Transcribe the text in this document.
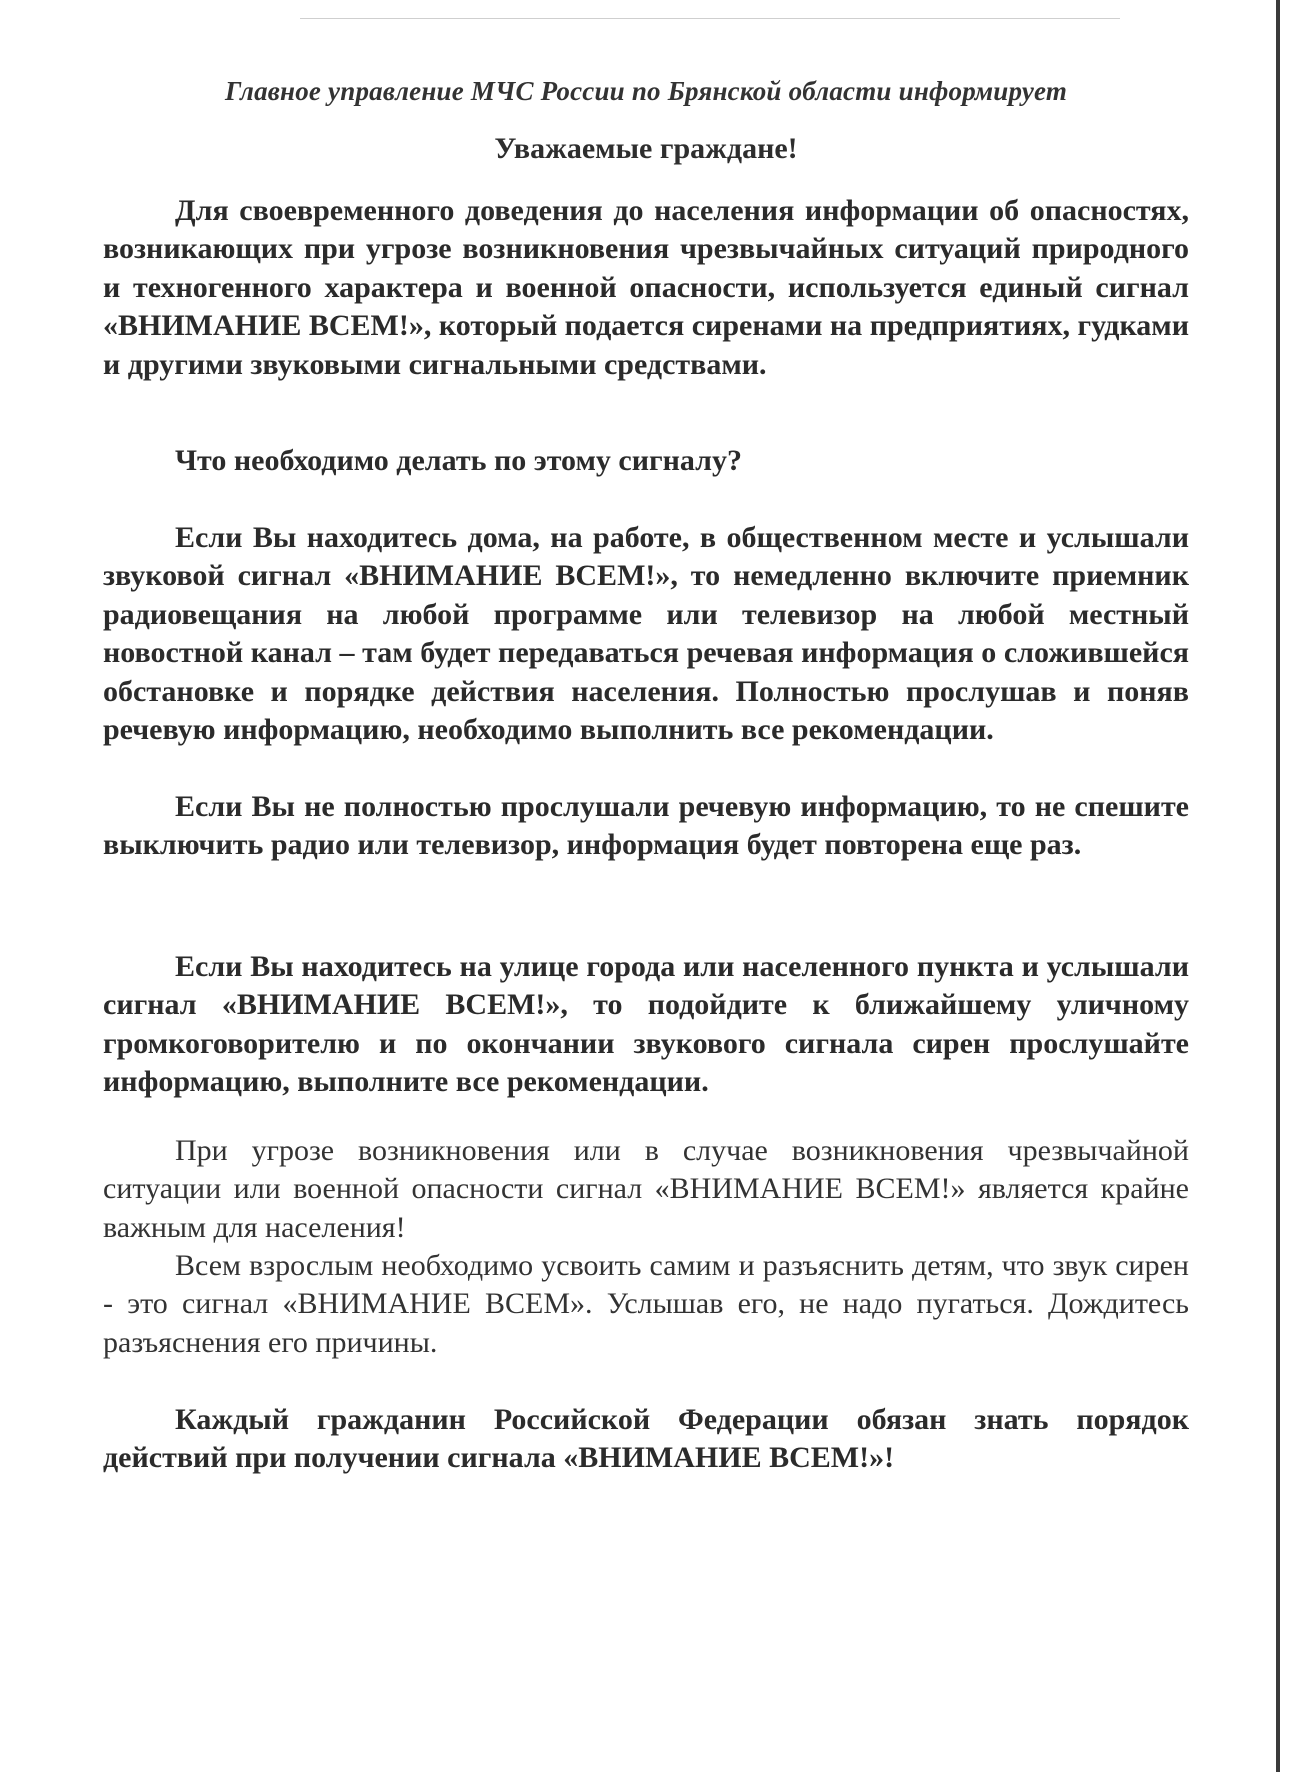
Главное управление МЧС России по Брянской области информирует
Уважаемые граждане!

Для своевременного доведения до населения информации об опасностях, возникающих при угрозе возникновения чрезвычайных ситуаций природного и техногенного характера и военной опасности, используется единый сигнал «ВНИМАНИЕ ВСЕМ!», который подается сиренами на предприятиях, гудками и другими звуковыми сигнальными средствами.

Что необходимо делать по этому сигналу?

Если Вы находитесь дома, на работе, в общественном месте и услышали звуковой сигнал «ВНИМАНИЕ ВСЕМ!», то немедленно включите приемник радиовещания на любой программе или телевизор на любой местный новостной канал – там будет передаваться речевая информация о сложившейся обстановке и порядке действия населения. Полностью прослушав и поняв речевую информацию, необходимо выполнить все рекомендации.

Если Вы не полностью прослушали речевую информацию, то не спешите выключить радио или телевизор, информация будет повторена еще раз.

Если Вы находитесь на улице города или населенного пункта и услышали сигнал «ВНИМАНИЕ ВСЕМ!», то подойдите к ближайшему уличному громкоговорителю и по окончании звукового сигнала сирен прослушайте информацию, выполните все рекомендации.

При угрозе возникновения или в случае возникновения чрезвычайной ситуации или военной опасности сигнал «ВНИМАНИЕ ВСЕМ!» является крайне важным для населения!

Всем взрослым необходимо усвоить самим и разъяснить детям, что звук сирен - это сигнал «ВНИМАНИЕ ВСЕМ». Услышав его, не надо пугаться. Дождитесь разъяснения его причины.

Каждый гражданин Российской Федерации обязан знать порядок действий при получении сигнала «ВНИМАНИЕ ВСЕМ!»!
